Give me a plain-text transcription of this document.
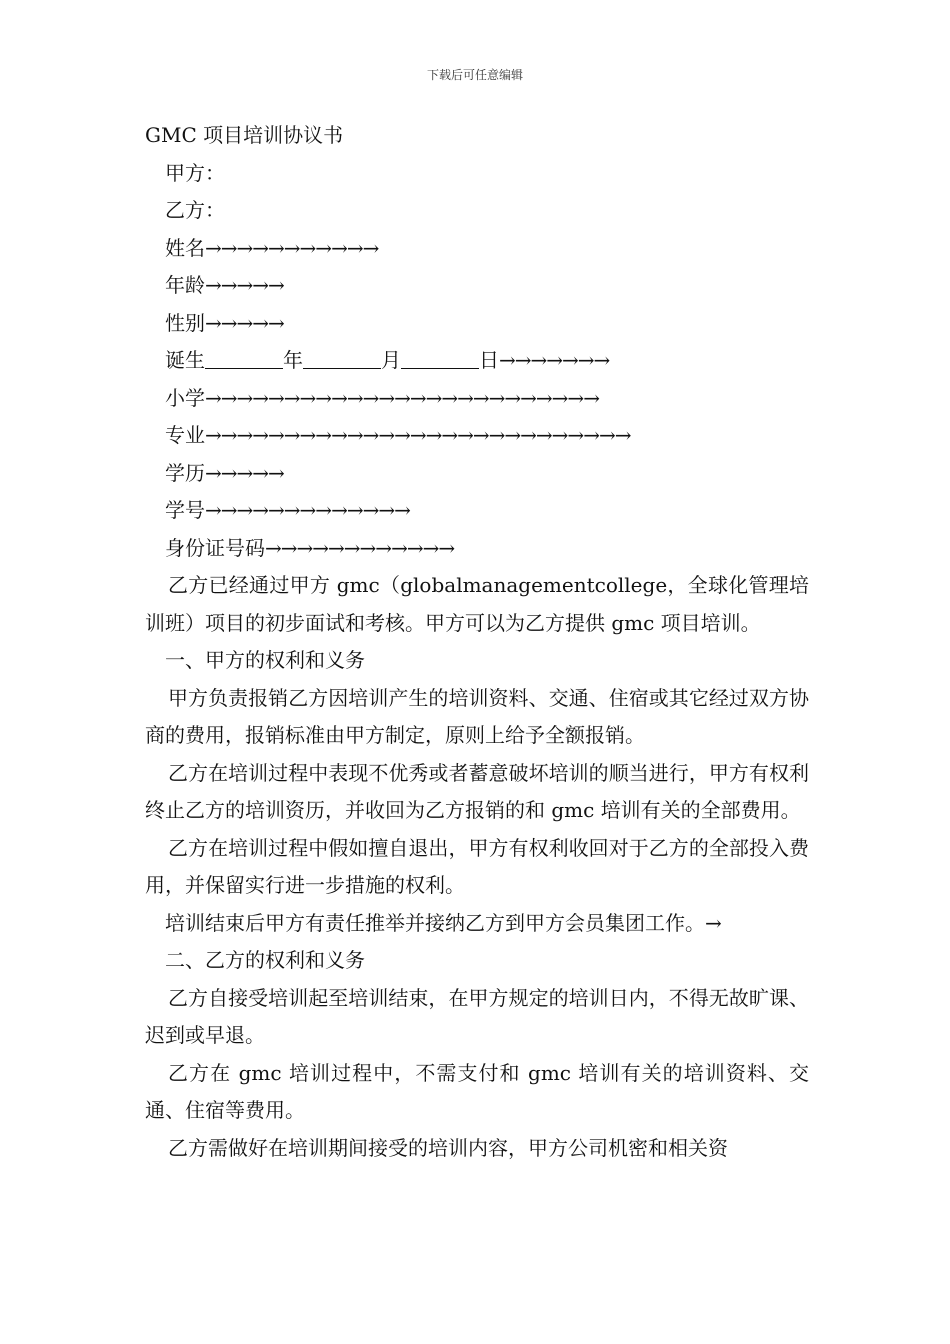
下载后可任意编辑
GMC 项目培训协议书
甲方：
乙方：
姓名→→→→→→→→→→→
年龄→→→→→
性别→→→→→
诞生	年	月	日→→→→→→→
小学→→→→→→→→→→→→→→→→→→→→→→→→→
专业→→→→→→→→→→→→→→→→→→→→→→→→→→→
学历→→→→→
学号→→→→→→→→→→→→→
身份证号码→→→→→→→→→→→→
乙方已经通过甲方 gmc（globalmanagementcollege，全球化管理培训班）项目的初步面试和考核。甲方可以为乙方提供 gmc 项目培训。
一、甲方的权利和义务
甲方负责报销乙方因培训产生的培训资料、交通、住宿或其它经过双方协商的费用，报销标准由甲方制定，原则上给予全额报销。
乙方在培训过程中表现不优秀或者蓄意破坏培训的顺当进行，甲方有权利终止乙方的培训资历，并收回为乙方报销的和 gmc 培训有关的全部费用。
乙方在培训过程中假如擅自退出，甲方有权利收回对于乙方的全部投入费用，并保留实行进一步措施的权利。
培训结束后甲方有责任推举并接纳乙方到甲方会员集团工作。→
二、乙方的权利和义务
乙方自接受培训起至培训结束，在甲方规定的培训日内，不得无故旷课、迟到或早退。
乙方在 gmc 培训过程中，不需支付和 gmc 培训有关的培训资料、交通、住宿等费用。
乙方需做好在培训期间接受的培训内容，甲方公司机密和相关资
